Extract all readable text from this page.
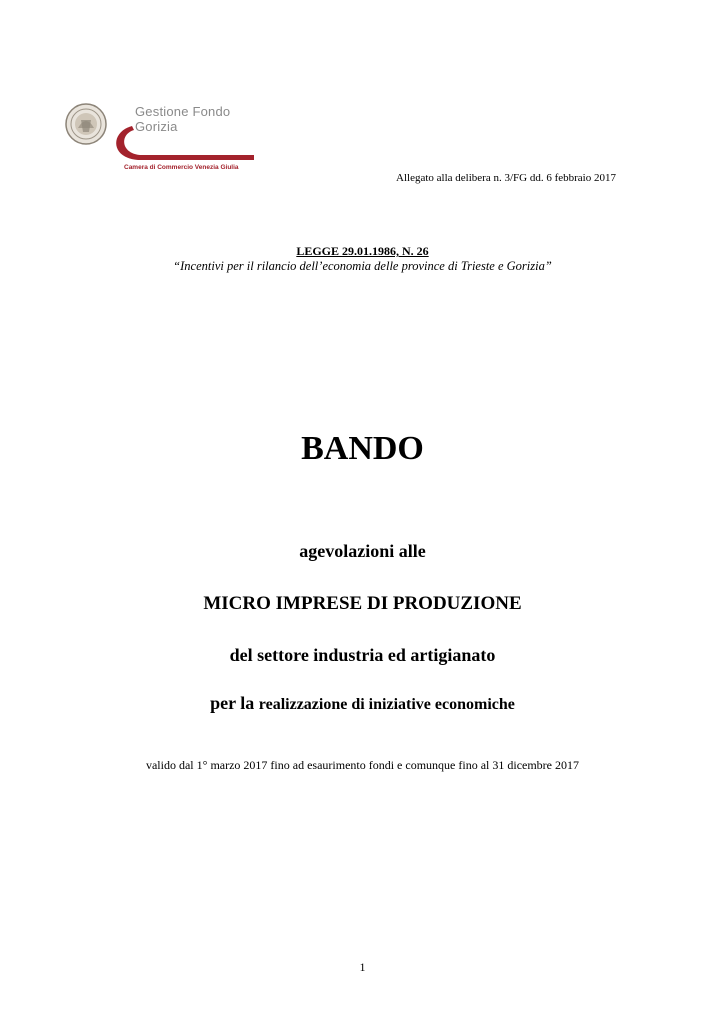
Gestione Fondo
Gorizia
Camera di Commercio Venezia Giulia
Allegato alla delibera n. 3/FG dd. 6 febbraio 2017
LEGGE 29.01.1986, N. 26
“Incentivi per il rilancio dell’economia delle province di Trieste e Gorizia”
BANDO
agevolazioni alle
MICRO IMPRESE DI PRODUZIONE
del settore industria ed artigianato
per la realizzazione di iniziative economiche
valido dal 1° marzo 2017 fino ad esaurimento fondi e comunque fino al 31 dicembre 2017
1
